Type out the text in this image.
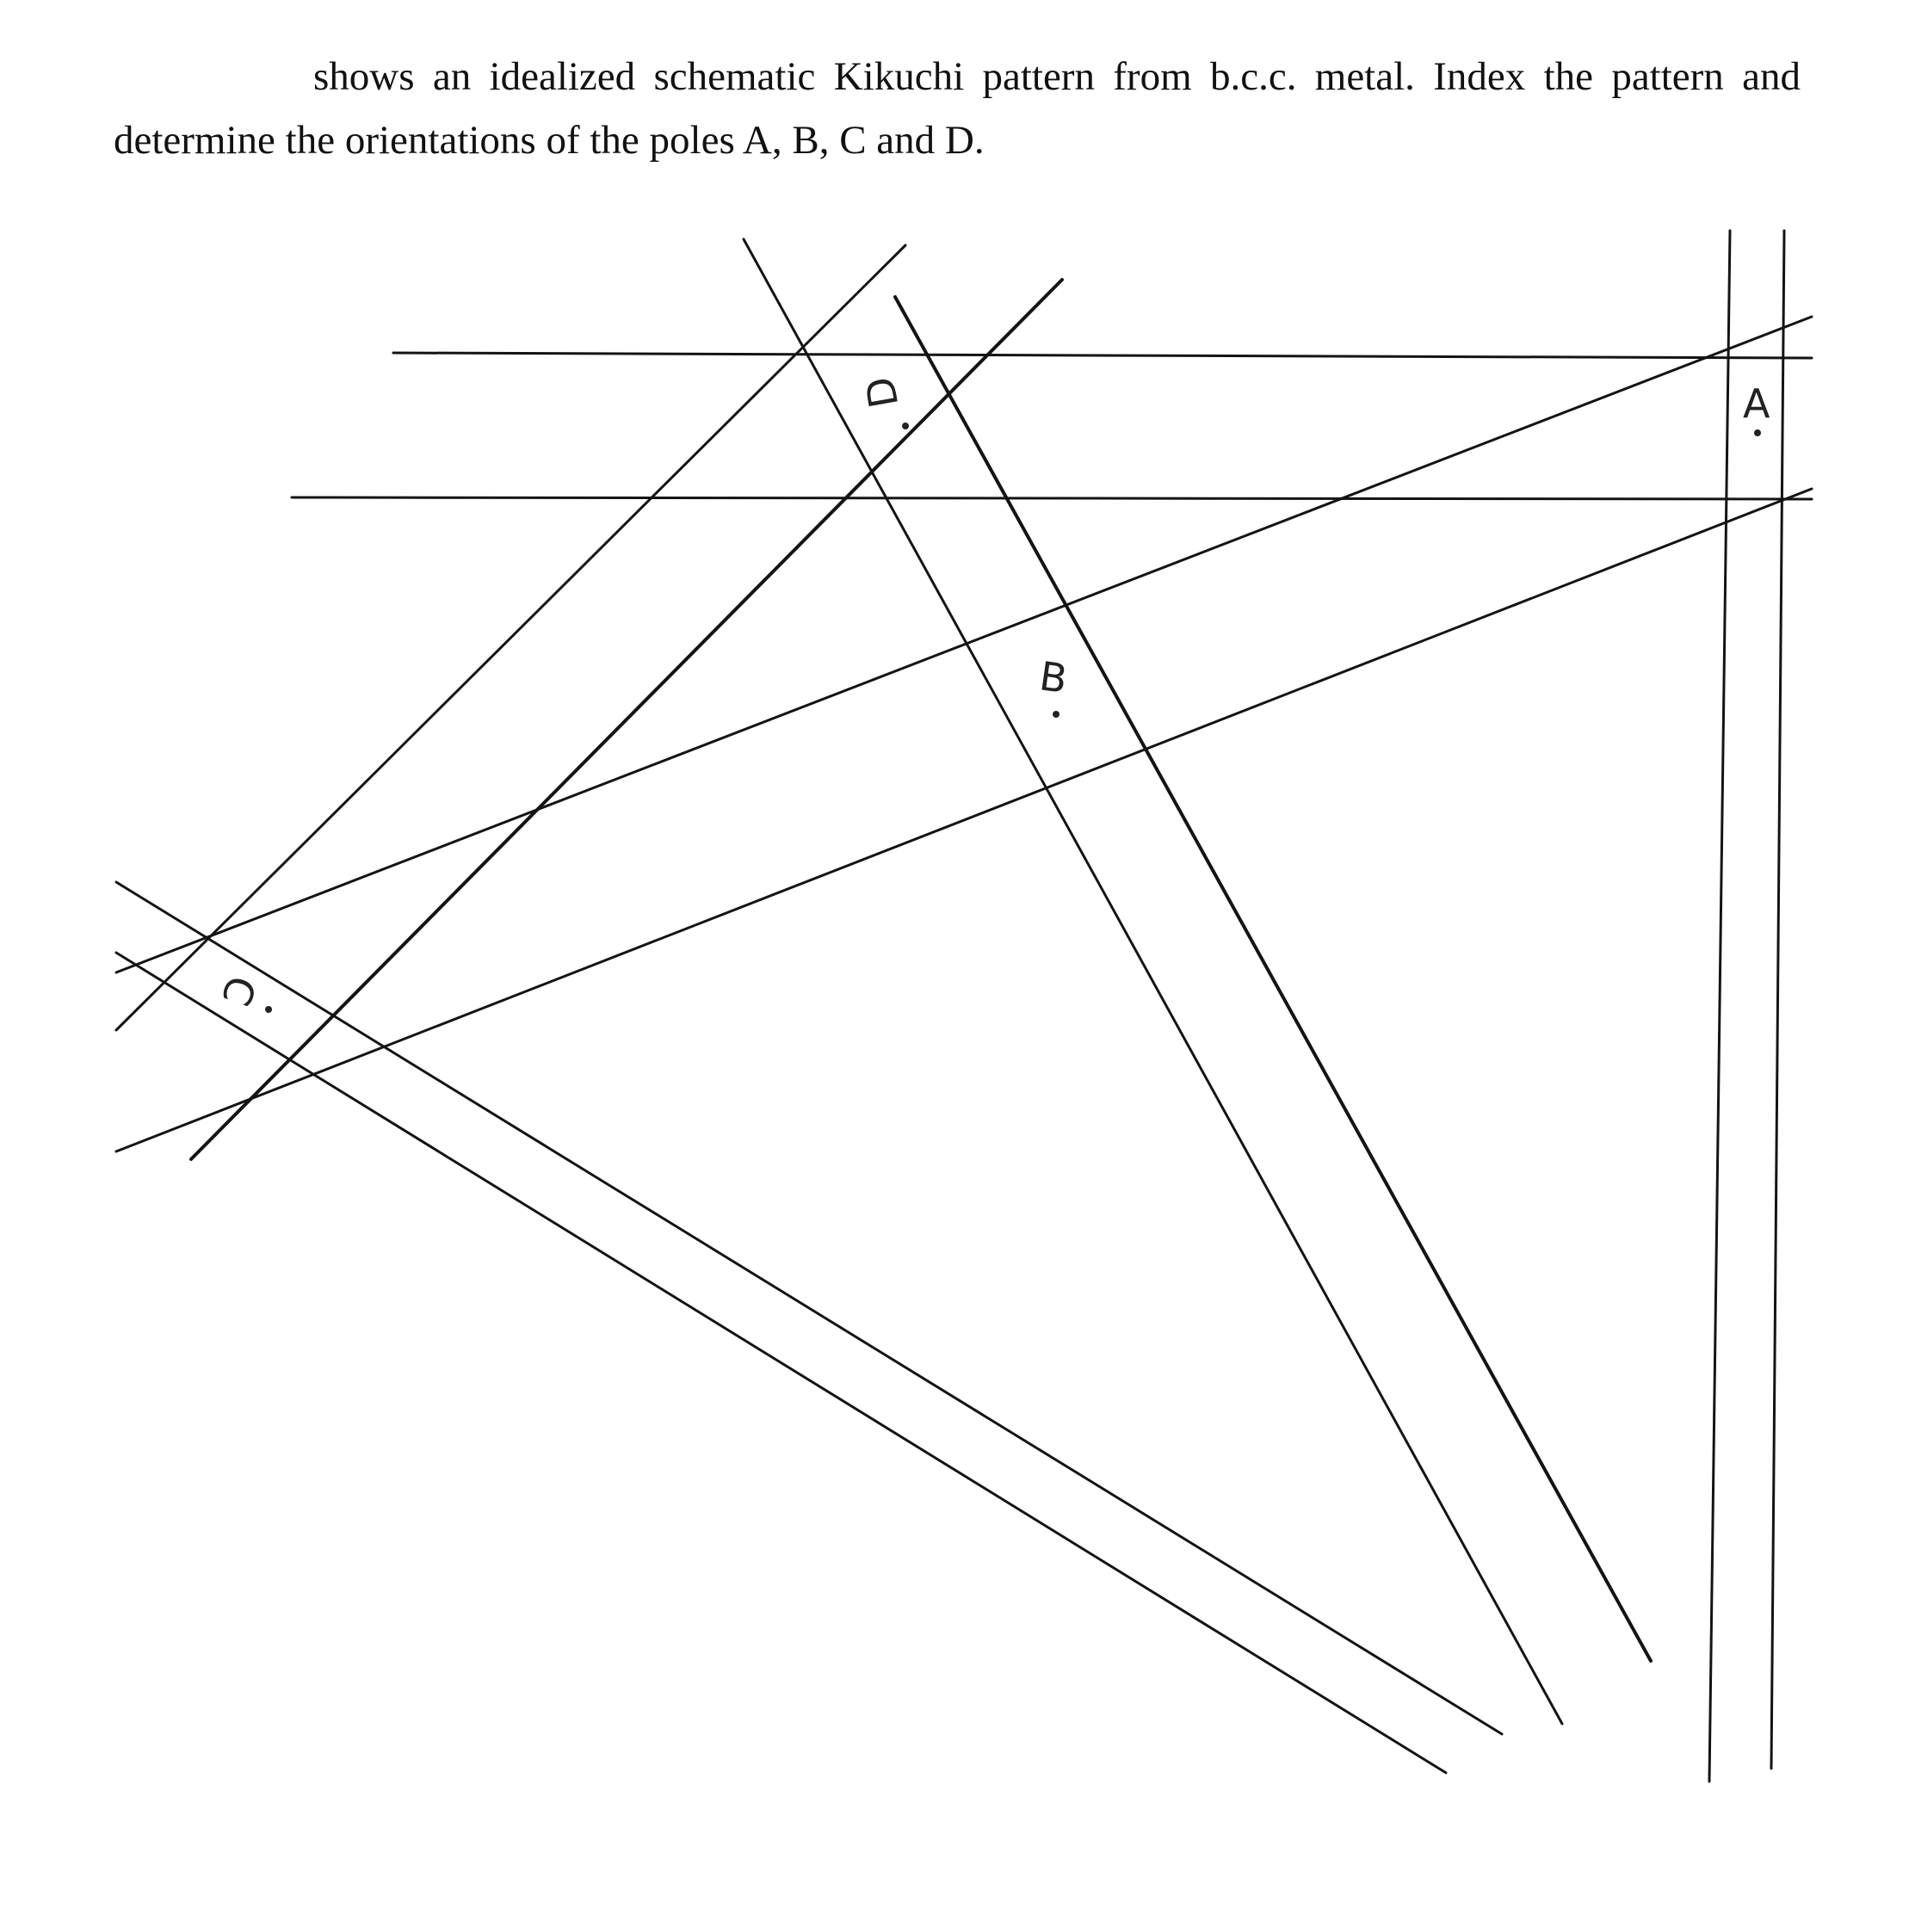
shows an idealized schematic Kikuchi pattern from b.c.c. metal. Index the pattern and determine the orientations of the poles A, B, C and D.

A
B
C
D
